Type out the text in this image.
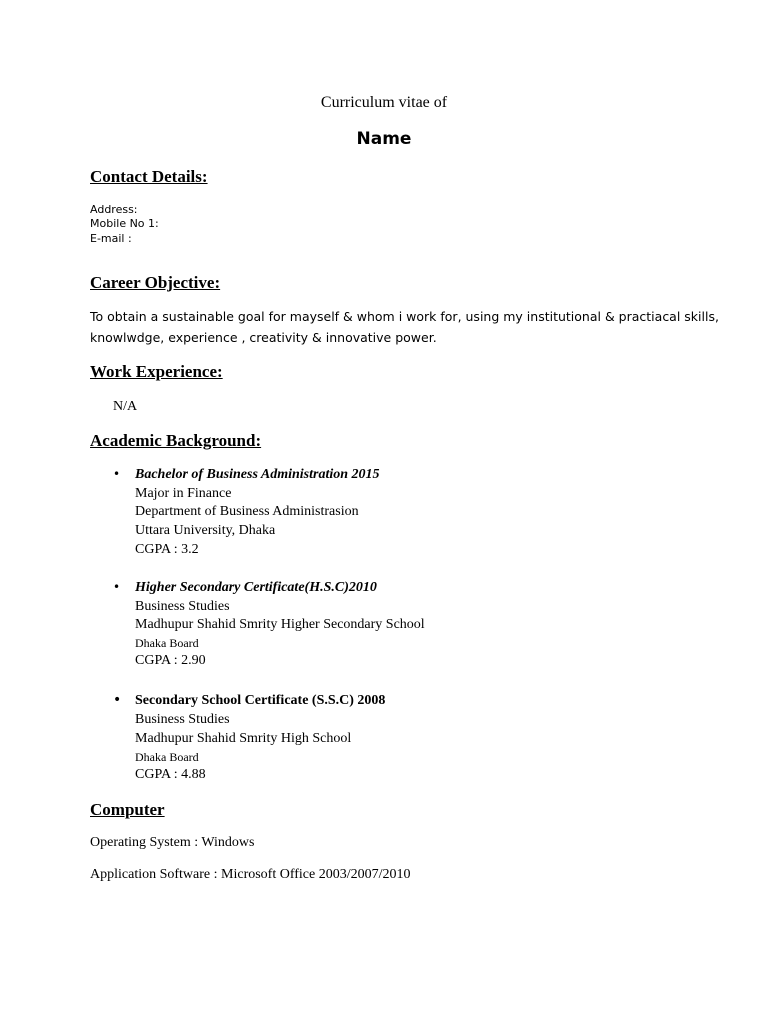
Curriculum vitae of
Name
Contact Details:
Address:
Mobile No 1:
E-mail :
Career Objective:
To obtain a sustainable goal for mayself & whom i work for, using my institutional & practiacal skills,
knowlwdge, experience , creativity & innovative power.
Work Experience:
N/A
Academic Background:
• Bachelor of Business Administration 2015
Major in Finance
Department of Business Administrasion
Uttara University, Dhaka
CGPA : 3.2
• Higher Secondary Certificate(H.S.C)2010
Business Studies
Madhupur Shahid Smrity Higher Secondary School
Dhaka Board
CGPA : 2.90
• Secondary School Certificate (S.S.C) 2008
Business Studies
Madhupur Shahid Smrity High School
Dhaka Board
CGPA : 4.88
Computer
Operating System : Windows
Application Software : Microsoft Office 2003/2007/2010
